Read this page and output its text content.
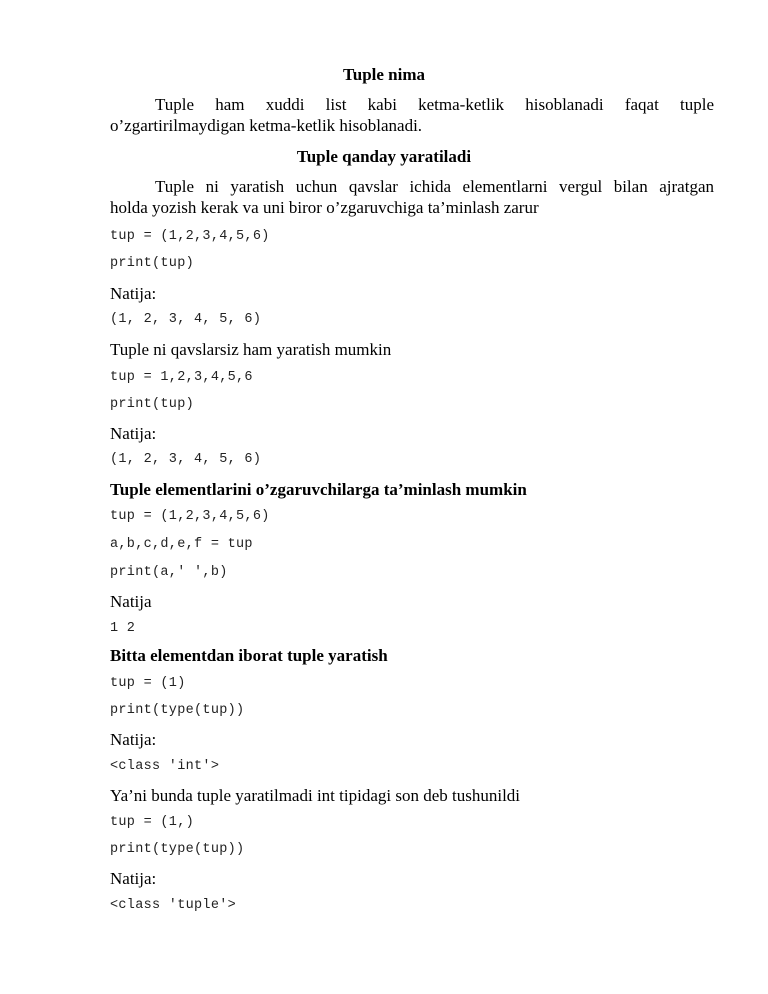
Tuple nima
Tuple ham xuddi list kabi ketma-ketlik hisoblanadi faqat tuple
o’zgartirilmaydigan ketma-ketlik hisoblanadi.
Tuple qanday yaratiladi
Tuple ni yaratish uchun qavslar ichida elementlarni vergul bilan ajratgan
holda yozish kerak va uni biror o’zgaruvchiga ta’minlash zarur
tup = (1,2,3,4,5,6)
print(tup)
Natija:
(1, 2, 3, 4, 5, 6)
Tuple ni qavslarsiz ham yaratish mumkin
tup = 1,2,3,4,5,6
print(tup)
Natija:
(1, 2, 3, 4, 5, 6)
Tuple elementlarini o’zgaruvchilarga ta’minlash mumkin
tup = (1,2,3,4,5,6)
a,b,c,d,e,f = tup
print(a,' ',b)
Natija
1 2
Bitta elementdan iborat tuple yaratish
tup = (1)
print(type(tup))
Natija:
<class 'int'>
Ya’ni bunda tuple yaratilmadi int tipidagi son deb tushunildi
tup = (1,)
print(type(tup))
Natija:
<class 'tuple'>
